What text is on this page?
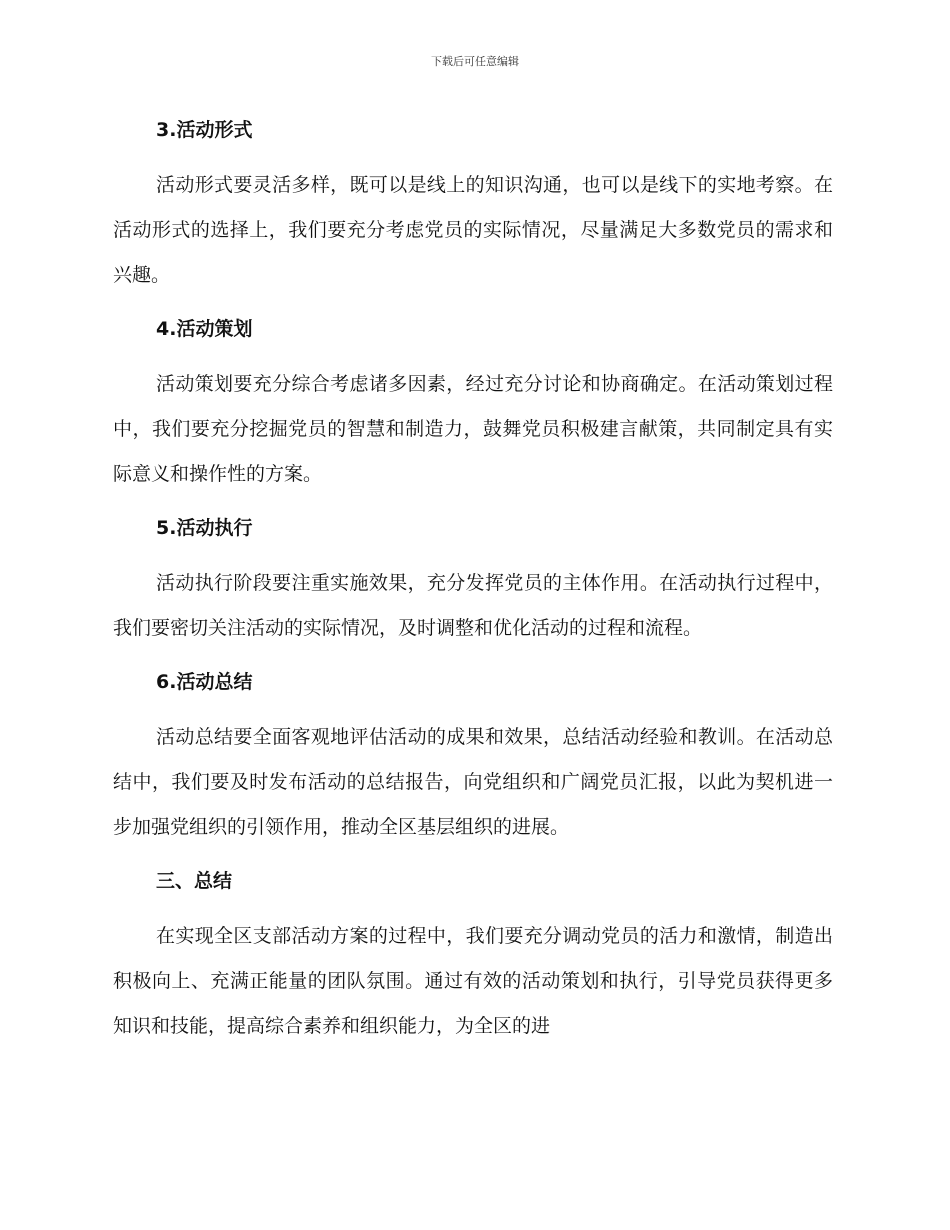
下载后可任意编辑
3.活动形式

活动形式要灵活多样，既可以是线上的知识沟通，也可以是线下的实地考察。在活动形式的选择上，我们要充分考虑党员的实际情况，尽量满足大多数党员的需求和兴趣。

4.活动策划

活动策划要充分综合考虑诸多因素，经过充分讨论和协商确定。在活动策划过程中，我们要充分挖掘党员的智慧和制造力，鼓舞党员积极建言献策，共同制定具有实际意义和操作性的方案。

5.活动执行

活动执行阶段要注重实施效果，充分发挥党员的主体作用。在活动执行过程中，我们要密切关注活动的实际情况，及时调整和优化活动的过程和流程。

6.活动总结

活动总结要全面客观地评估活动的成果和效果，总结活动经验和教训。在活动总结中，我们要及时发布活动的总结报告，向党组织和广阔党员汇报，以此为契机进一步加强党组织的引领作用，推动全区基层组织的进展。

三、总结

在实现全区支部活动方案的过程中，我们要充分调动党员的活力和激情，制造出积极向上、充满正能量的团队氛围。通过有效的活动策划和执行，引导党员获得更多知识和技能，提高综合素养和组织能力，为全区的进
